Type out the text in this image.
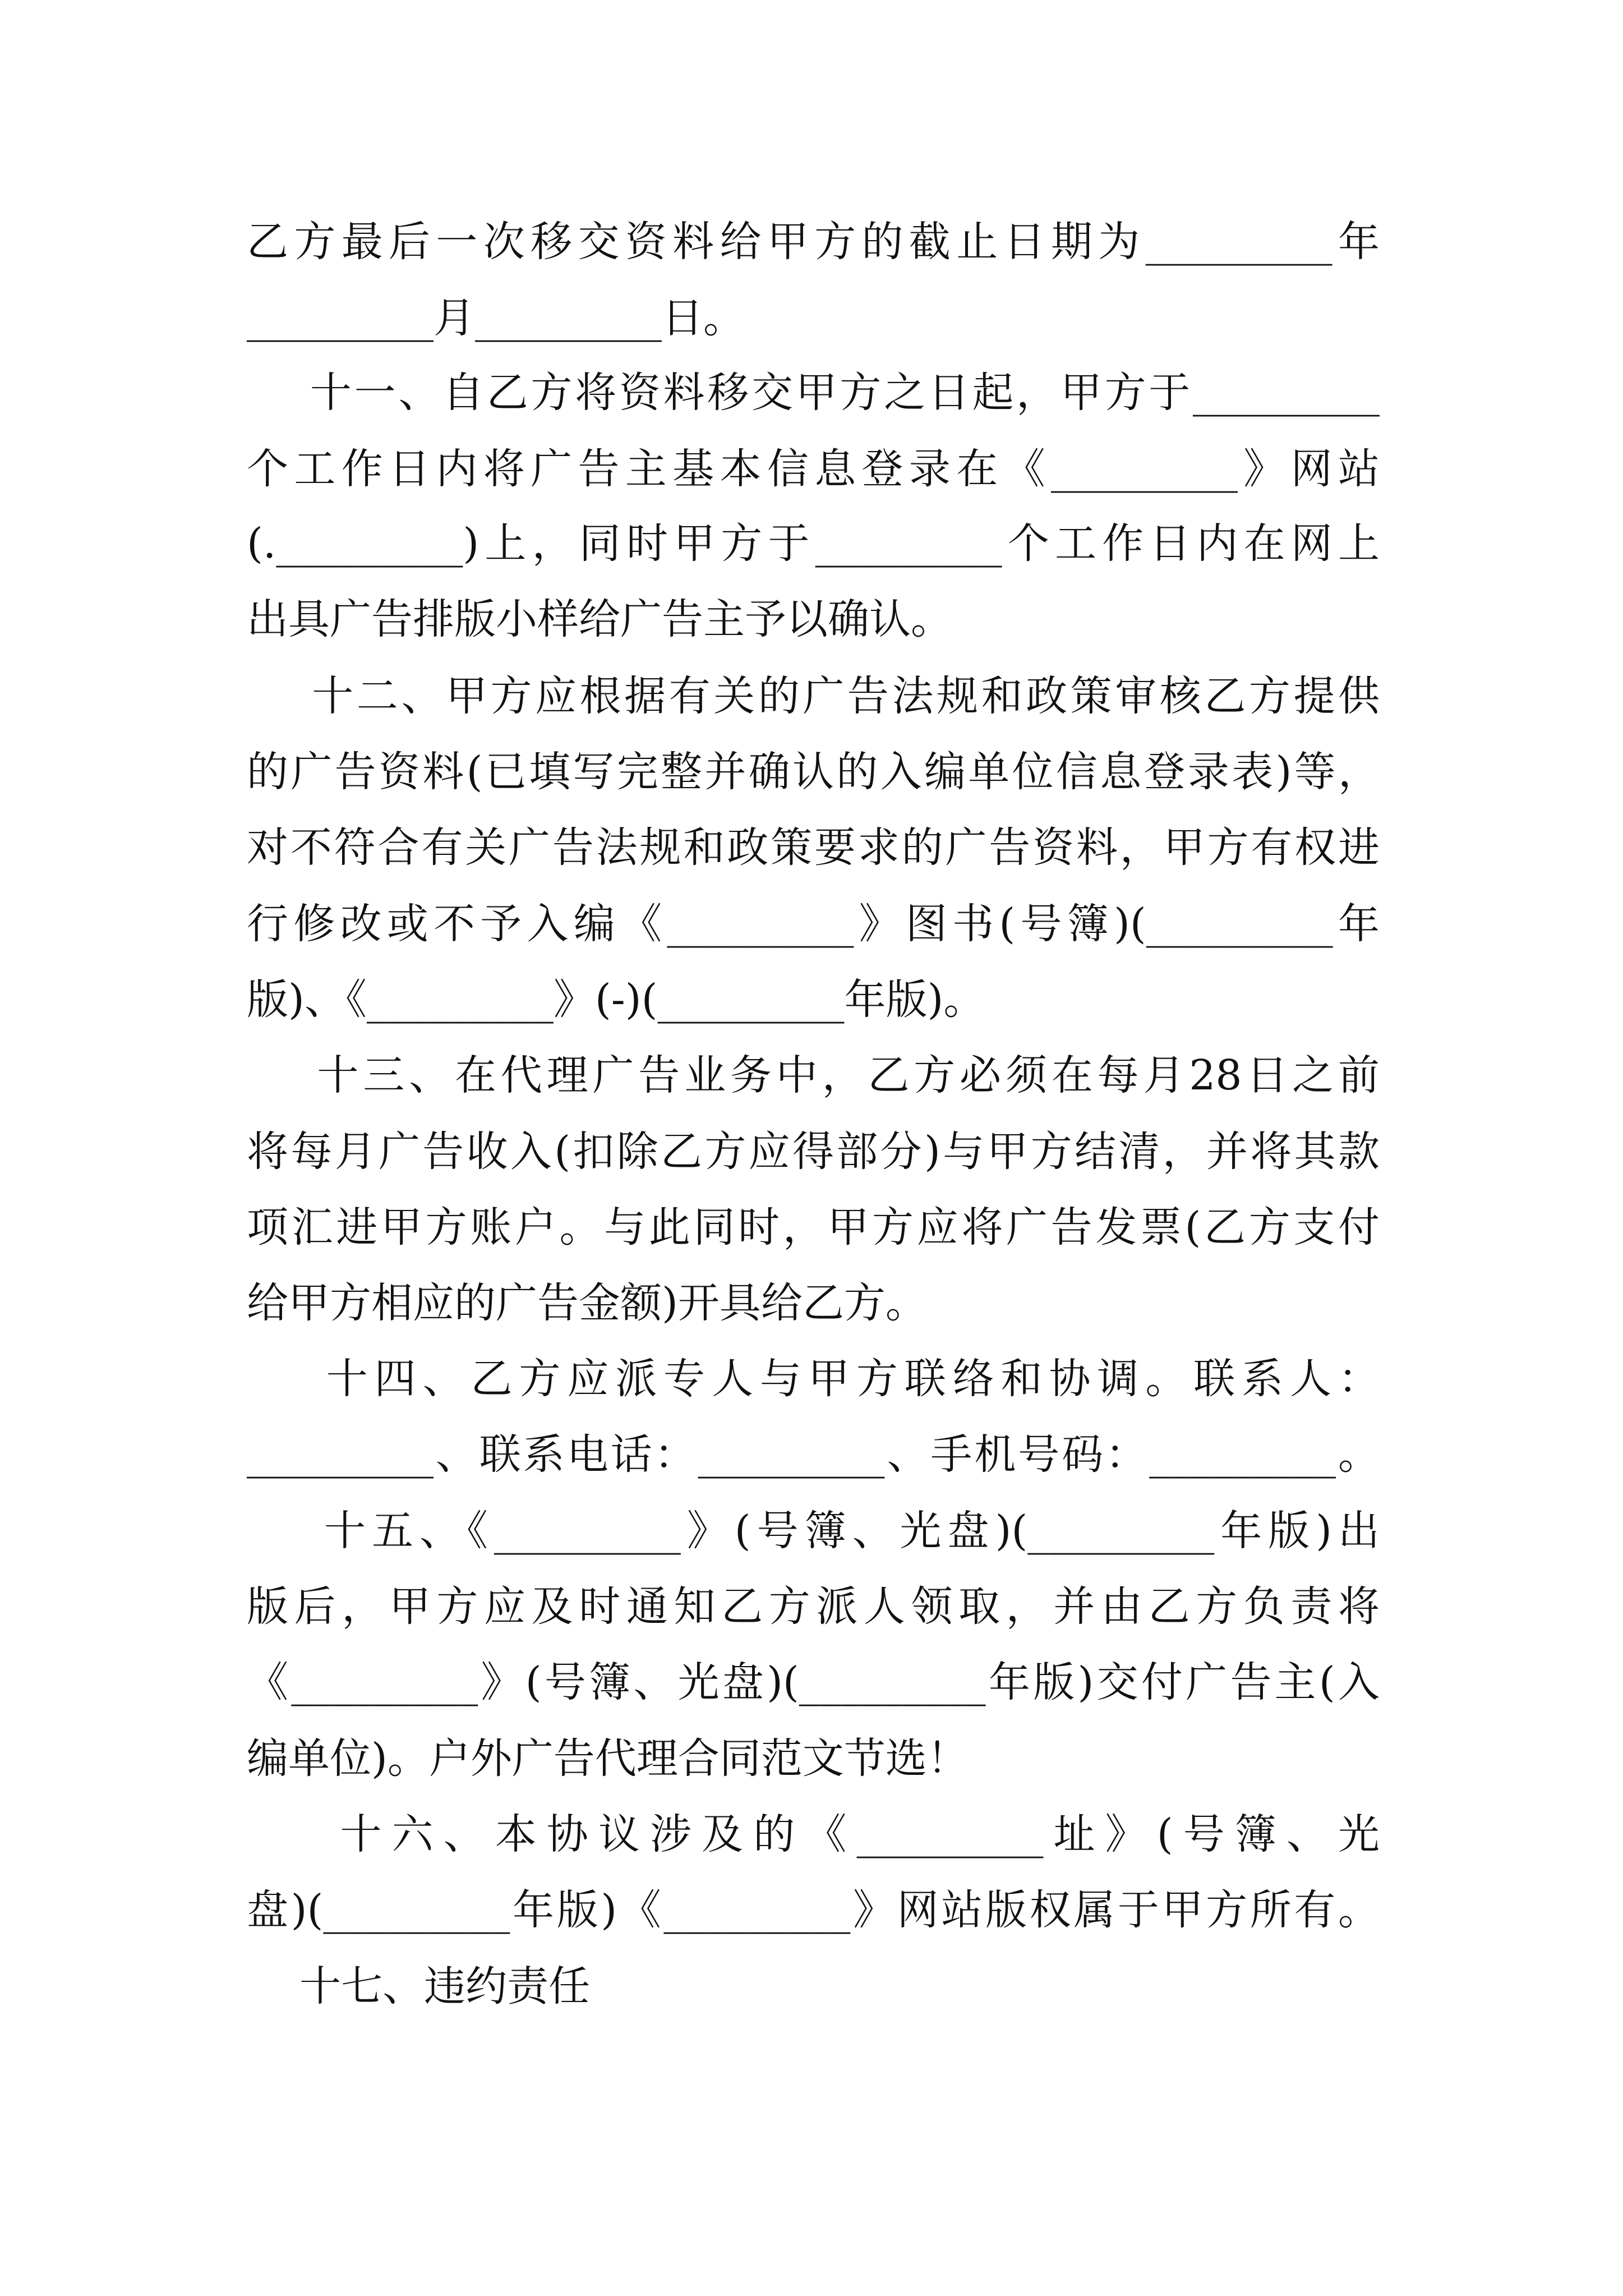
乙方最后一次移交资料给甲方的截止日期为_________年
_________月_________日。
十一、自乙方将资料移交甲方之日起，甲方于_________
个工作日内将广告主基本信息登录在《_________》网站
(._________)上，同时甲方于_________个工作日内在网上
出具广告排版小样给广告主予以确认。
十二、甲方应根据有关的广告法规和政策审核乙方提供
的广告资料(已填写完整并确认的入编单位信息登录表)等，
对不符合有关广告法规和政策要求的广告资料，甲方有权进
行修改或不予入编《_________》图书(号簿)(_________年
版)、《_________》(-)(_________年版)。
十三、在代理广告业务中，乙方必须在每月28日之前
将每月广告收入(扣除乙方应得部分)与甲方结清，并将其款
项汇进甲方账户。与此同时，甲方应将广告发票(乙方支付
给甲方相应的广告金额)开具给乙方。
十四、乙方应派专人与甲方联络和协调。联系人：
_________、联系电话：_________、手机号码：_________。
十五、《_________》(号簿、光盘)(_________年版)出
版后，甲方应及时通知乙方派人领取，并由乙方负责将
《_________》(号簿、光盘)(_________年版)交付广告主(入
编单位)。户外广告代理合同范文节选！
十六、本协议涉及的《_________址》(号簿、光
盘)(_________年版)《_________》网站版权属于甲方所有。
十七、违约责任
